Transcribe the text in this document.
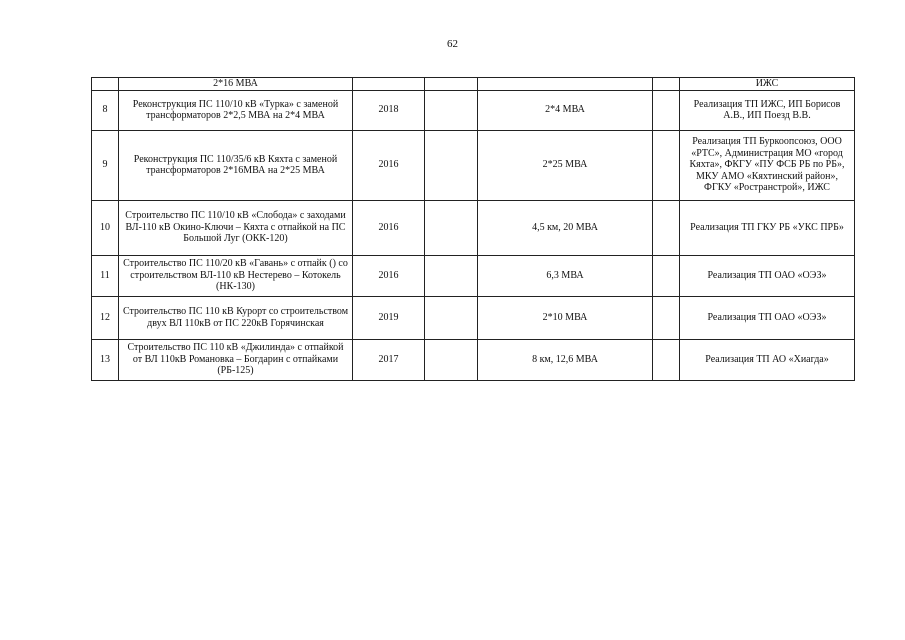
62
	2*16 МВА					ИЖС
8	Реконструкция ПС 110/10 кВ «Турка» с заменой трансформаторов 2*2,5 МВА на 2*4 МВА	2018		2*4 МВА		Реализация ТП ИЖС, ИП Борисов А.В., ИП Поезд В.В.
9	Реконструкция ПС 110/35/6 кВ Кяхта с заменой трансформаторов 2*16МВА на 2*25 МВА	2016		2*25 МВА		Реализация ТП Буркоопсоюз, ООО «РТС», Администрация МО «город Кяхта», ФКГУ «ПУ ФСБ РБ по РБ», МКУ АМО «Кяхтинский район», ФГКУ «Ространстрой», ИЖС
10	Строительство ПС 110/10 кВ «Слобода» с заходами ВЛ-110 кВ Окино-Ключи – Кяхта с отпайкой на ПС Большой Луг (ОКК-120)	2016		4,5 км, 20 МВА		Реализация ТП ГКУ РБ «УКС ПРБ»
11	Строительство ПС 110/20 кВ «Гавань» с отпайк () со строительством ВЛ-110 кВ Нестерево – Котокель (НК-130)	2016		6,3 МВА		Реализация ТП ОАО «ОЭЗ»
12	Строительство ПС 110 кВ Курорт со строительством двух ВЛ 110кВ от ПС 220кВ Горячинская	2019		2*10 МВА		Реализация ТП ОАО «ОЭЗ»
13	Строительство ПС 110 кВ «Джилинда» с отпайкой от ВЛ 110кВ Романовка – Богдарин с отпайками (РБ-125)	2017		8 км, 12,6 МВА		Реализация ТП АО «Хиагда»
